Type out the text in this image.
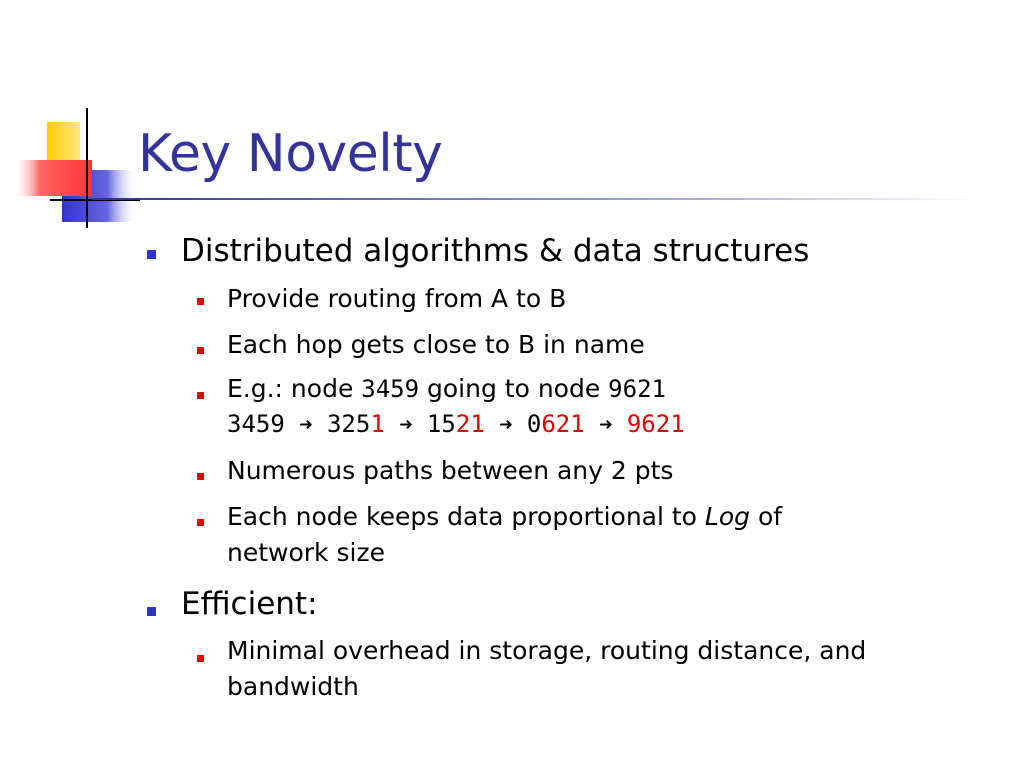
Key Novelty
Distributed algorithms & data structures
Provide routing from A to B
Each hop gets close to B in name
E.g.: node 3459 going to node 9621
3459 ➜ 3251 ➜ 1521 ➜ 0621 ➜ 9621
Numerous paths between any 2 pts
Each node keeps data proportional to Log of
network size
Efficient:
Minimal overhead in storage, routing distance, and
bandwidth
